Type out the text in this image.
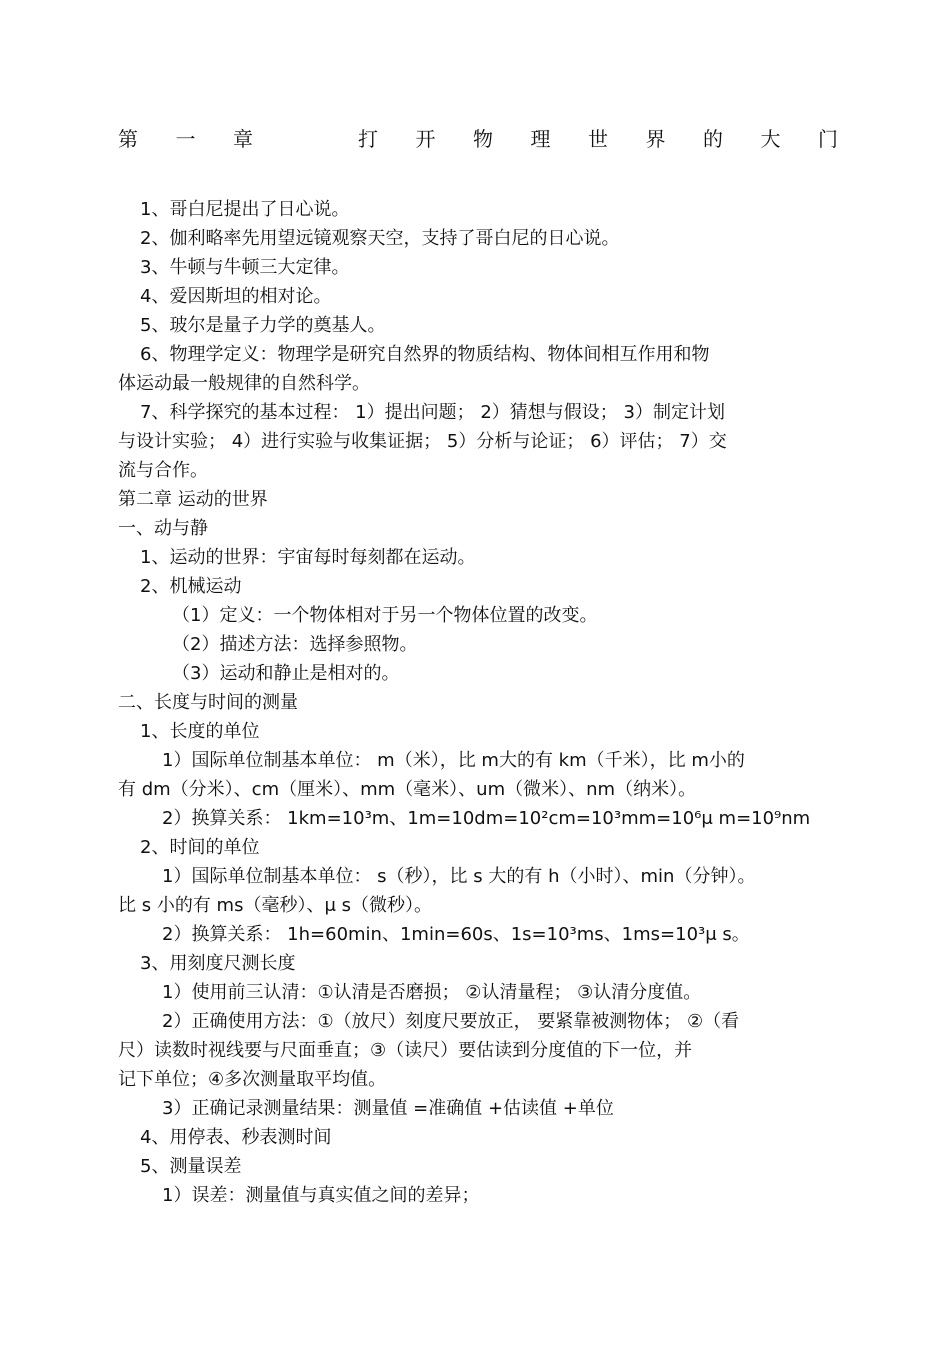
第 一 章	打 开 物 理 世 界 的 大 门
1、哥白尼提出了日心说。
2、伽利略率先用望远镜观察天空，支持了哥白尼的日心说。
3、牛顿与牛顿三大定律。
4、爱因斯坦的相对论。
5、玻尔是量子力学的奠基人。
6、物理学定义：物理学是研究自然界的物质结构、物体间相互作用和物
体运动最一般规律的自然科学。
7、科学探究的基本过程： 1）提出问题； 2）猜想与假设； 3）制定计划
与设计实验； 4）进行实验与收集证据； 5）分析与论证； 6）评估； 7）交
流与合作。
第二章 运动的世界
一、动与静
1、运动的世界：宇宙每时每刻都在运动。
2、机械运动
（1）定义：一个物体相对于另一个物体位置的改变。
（2）描述方法：选择参照物。
（3）运动和静止是相对的。
二、长度与时间的测量
1、长度的单位
1）国际单位制基本单位： m（米），比 m大的有 km（千米），比 m小的
有 dm（分米）、cm（厘米）、mm（毫米）、um（微米）、nm（纳米）。
2）换算关系： 1km=10³m、1m=10dm=10²cm=10³mm=10⁶μ m=10⁹nm
2、时间的单位
1）国际单位制基本单位： s（秒），比 s 大的有 h（小时）、min（分钟）。
比 s 小的有 ms（毫秒）、μ s（微秒）。
2）换算关系： 1h=60min、1min=60s、1s=10³ms、1ms=10³μ s。
3、用刻度尺测长度
1）使用前三认清：①认清是否磨损； ②认清量程； ③认清分度值。
2）正确使用方法：①（放尺）刻度尺要放正， 要紧靠被测物体； ②（看
尺）读数时视线要与尺面垂直；③（读尺）要估读到分度值的下一位，并
记下单位；④多次测量取平均值。
3）正确记录测量结果：测量值 =准确值 +估读值 +单位
4、用停表、秒表测时间
5、测量误差
1）误差：测量值与真实值之间的差异；
